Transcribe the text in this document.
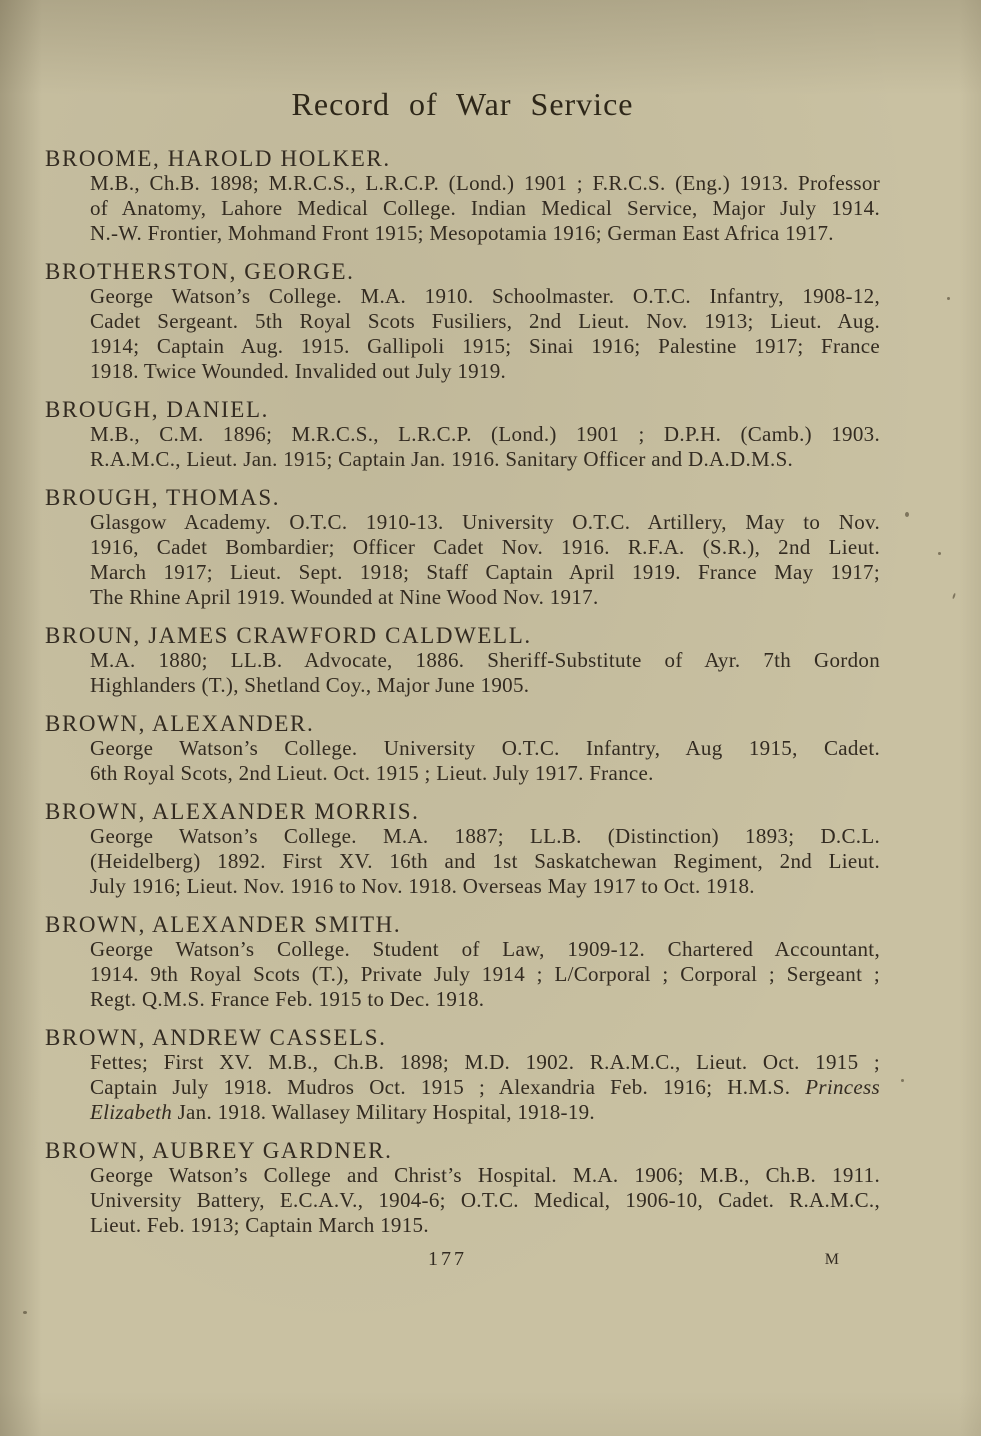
Record of War Service
BROOME, HAROLD HOLKER.

M.B., Ch.B. 1898; M.R.C.S., L.R.C.P. (Lond.) 1901 ; F.R.C.S. (Eng.) 1913. Professor

of Anatomy, Lahore Medical College. Indian Medical Service, Major July 1914.

N.-W. Frontier, Mohmand Front 1915; Mesopotamia 1916; German East Africa 1917.

BROTHERSTON, GEORGE.

George Watson’s College. M.A. 1910. Schoolmaster. O.T.C. Infantry, 1908-12,

Cadet Sergeant. 5th Royal Scots Fusiliers, 2nd Lieut. Nov. 1913; Lieut. Aug.

1914; Captain Aug. 1915. Gallipoli 1915; Sinai 1916; Palestine 1917; France

1918. Twice Wounded. Invalided out July 1919.

BROUGH, DANIEL.

M.B., C.M. 1896; M.R.C.S., L.R.C.P. (Lond.) 1901 ; D.P.H. (Camb.) 1903.

R.A.M.C., Lieut. Jan. 1915; Captain Jan. 1916. Sanitary Officer and D.A.D.M.S.

BROUGH, THOMAS.

Glasgow Academy. O.T.C. 1910-13. University O.T.C. Artillery, May to Nov.

1916, Cadet Bombardier; Officer Cadet Nov. 1916. R.F.A. (S.R.), 2nd Lieut.

March 1917; Lieut. Sept. 1918; Staff Captain April 1919. France May 1917;

The Rhine April 1919. Wounded at Nine Wood Nov. 1917.

BROUN, JAMES CRAWFORD CALDWELL.

M.A. 1880; LL.B. Advocate, 1886. Sheriff-Substitute of Ayr. 7th Gordon

Highlanders (T.), Shetland Coy., Major June 1905.

BROWN, ALEXANDER.

George Watson’s College. University O.T.C. Infantry, Aug 1915, Cadet.

6th Royal Scots, 2nd Lieut. Oct. 1915 ; Lieut. July 1917. France.

BROWN, ALEXANDER MORRIS.

George Watson’s College. M.A. 1887; LL.B. (Distinction) 1893; D.C.L.

(Heidelberg) 1892. First XV. 16th and 1st Saskatchewan Regiment, 2nd Lieut.

July 1916; Lieut. Nov. 1916 to Nov. 1918. Overseas May 1917 to Oct. 1918.

BROWN, ALEXANDER SMITH.

George Watson’s College. Student of Law, 1909-12. Chartered Accountant,

1914. 9th Royal Scots (T.), Private July 1914 ; L/Corporal ; Corporal ; Sergeant ;

Regt. Q.M.S. France Feb. 1915 to Dec. 1918.

BROWN, ANDREW CASSELS.

Fettes; First XV. M.B., Ch.B. 1898; M.D. 1902. R.A.M.C., Lieut. Oct. 1915 ;

Captain July 1918. Mudros Oct. 1915 ; Alexandria Feb. 1916; H.M.S. Princess

Elizabeth Jan. 1918. Wallasey Military Hospital, 1918-19.

BROWN, AUBREY GARDNER.

George Watson’s College and Christ’s Hospital. M.A. 1906; M.B., Ch.B. 1911.

University Battery, E.C.A.V., 1904-6; O.T.C. Medical, 1906-10, Cadet. R.A.M.C.,

Lieut. Feb. 1913; Captain March 1915.

177	M
